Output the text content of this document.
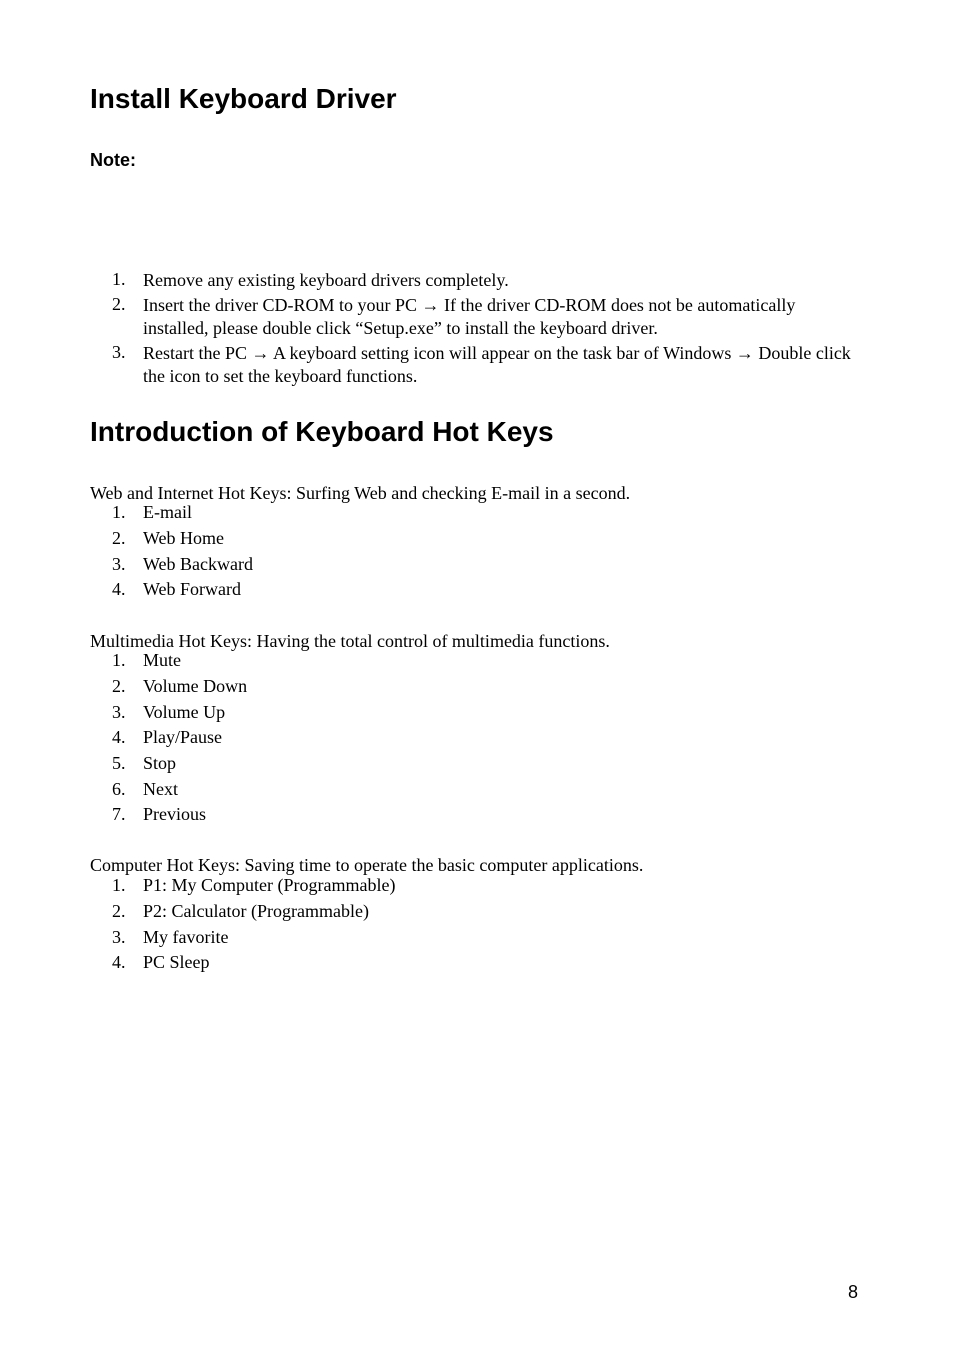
Install Keyboard Driver
Note:
1. Remove any existing keyboard drivers completely.
2. Insert the driver CD-ROM to your PC → If the driver CD-ROM does not be automatically installed, please double click “Setup.exe” to install the keyboard driver.
3. Restart the PC → A keyboard setting icon will appear on the task bar of Windows → Double click the icon to set the keyboard functions.
Introduction of Keyboard Hot Keys
Web and Internet Hot Keys: Surfing Web and checking E-mail in a second.
1. E-mail
2. Web Home
3. Web Backward
4. Web Forward
Multimedia Hot Keys: Having the total control of multimedia functions.
1. Mute
2. Volume Down
3. Volume Up
4. Play/Pause
5. Stop
6. Next
7. Previous
Computer Hot Keys: Saving time to operate the basic computer applications.
1. P1: My Computer (Programmable)
2. P2: Calculator (Programmable)
3. My favorite
4. PC Sleep
8
